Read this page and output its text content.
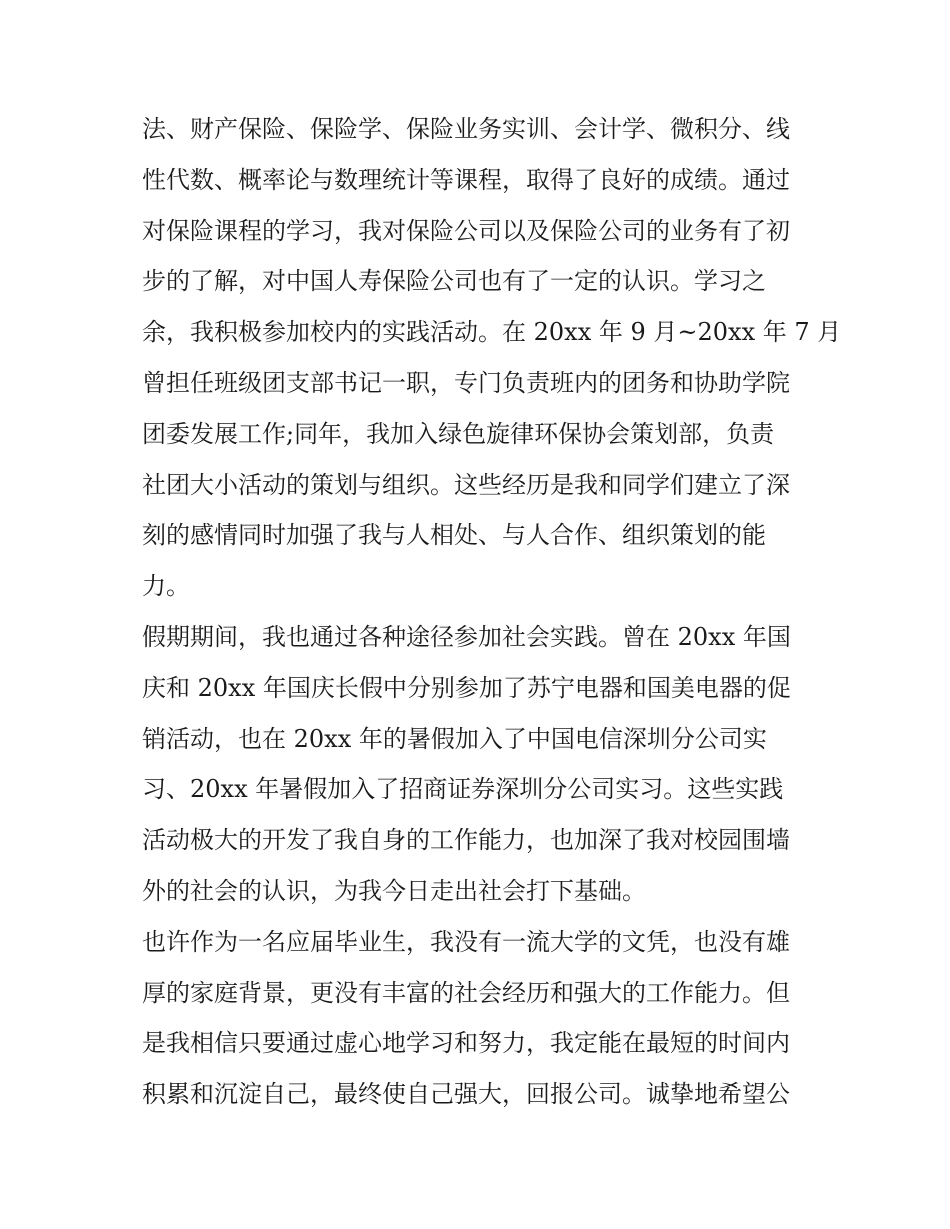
法、财产保险、保险学、保险业务实训、会计学、微积分、线
性代数、概率论与数理统计等课程，取得了良好的成绩。通过
对保险课程的学习，我对保险公司以及保险公司的业务有了初
步的了解，对中国人寿保险公司也有了一定的认识。学习之
余，我积极参加校内的实践活动。在 20xx 年 9 月~20xx 年 7 月
曾担任班级团支部书记一职，专门负责班内的团务和协助学院
团委发展工作;同年，我加入绿色旋律环保协会策划部，负责
社团大小活动的策划与组织。这些经历是我和同学们建立了深
刻的感情同时加强了我与人相处、与人合作、组织策划的能
力。
假期期间，我也通过各种途径参加社会实践。曾在 20xx 年国
庆和 20xx 年国庆长假中分别参加了苏宁电器和国美电器的促
销活动，也在 20xx 年的暑假加入了中国电信深圳分公司实
习、20xx 年暑假加入了招商证券深圳分公司实习。这些实践
活动极大的开发了我自身的工作能力，也加深了我对校园围墙
外的社会的认识，为我今日走出社会打下基础。
也许作为一名应届毕业生，我没有一流大学的文凭，也没有雄
厚的家庭背景，更没有丰富的社会经历和强大的工作能力。但
是我相信只要通过虚心地学习和努力，我定能在最短的时间内
积累和沉淀自己，最终使自己强大，回报公司。诚挚地希望公
